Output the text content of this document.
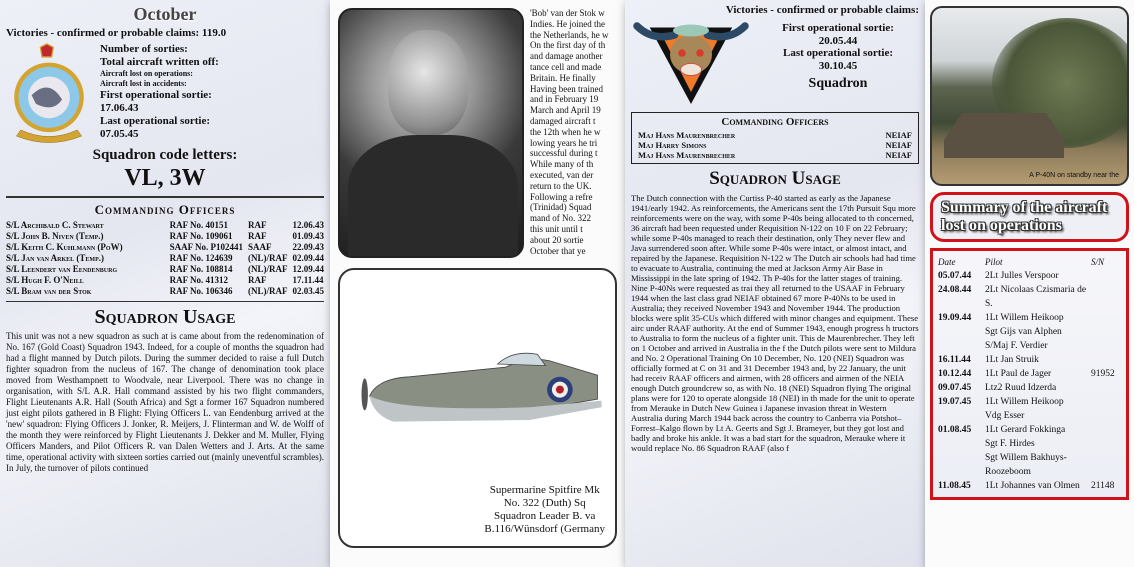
October
Victories - confirmed or probable claims: 119.0
Number of sorties:
Total aircraft written off:
Aircraft lost on operations:
Aircraft lost in accidents:
First operational sortie:
17.06.43
Last operational sortie:
07.05.45
Squadron code letters:
VL, 3W
Commanding Officers
S/L Archibald C. Stewart	RAF No. 40151	RAF	12.06.43
S/L John B. Niven (Temp.)	RAF No. 109061	RAF	01.09.43
S/L Keith C. Kuhlmann (PoW)	SAAF No. P102441 SAAF	22.09.43
S/L Jan van Arkel (Temp.)	RAF No. 124639	(NL)/RAF 02.09.44
S/L Leendert van Eendenburg	RAF No. 108814	(NL)/RAF 12.09.44
S/L Hugh F. O'Neill	RAF No. 41312	RAF	17.11.44
S/L Bram van der Stok	RAF No. 106346	(NL)/RAF 02.03.45
Squadron Usage
This unit was not a new squadron as such at is came about from the redenomination of No. 167 (Gold Coast) Squadron 1943. Indeed, for a couple of months the squadron had had a flight manned by Dutch pilots. During the summer decided to raise a full Dutch fighter squadron from the nucleus of 167. The change of denomination took place moved from Westhampnett to Woodvale, near Liverpool. There was no change in organisation, with S/L A.R. Hall command assisted by his two flight commanders, Flight Lieutenants A.R. Hall (South Africa) and Sgt a former 167 Squadron numbered just eight pilots gathered in B Flight: Flying Officers L. van Eendenburg arrived at the 'new' squadron: Flying Officers J. Jonker, R. Meijers, J. Flinterman and W. de Wolff of the month they were reinforced by Flight Lieutenants J. Dekker and M. Muller, Flying Officers Manders, and Pilot Officers R. van Dalen Wetters and J. Arts. At the same time, operational activity with sixteen sorties carried out (mainly uneventful scrambles). In July, the turnover of pilots continued
'Bob' van der Stok w
Indies. He joined the
the Netherlands, he w
On the first day of th
and damage another
tance cell and made
Britain. He finally
Having been trained
and in February 19
March and April 19
damaged aircraft t
the 12th when he w
lowing years he tri
successful during t
While many of th
executed, van der
return to the UK.
Following a refre
(Trinidad) Squad
mand of No. 322
this unit until t
about 20 sortie
October that ye
Supermarine Spitfire Mk
No. 322 (Duth) Sq
Squadron Leader B. va
B.116/Wünsdorf (Germany
Victories - confirmed or probable claims:
First operational sortie:
20.05.44
Last operational sortie:
30.10.45
Squadron
Commanding Officers
Maj Hans Maurenbrecher	NEIAF
Maj Harry Simons	NEIAF
Maj Hans Maurenbrecher	NEIAF
Squadron Usage
The Dutch connection with the Curtiss P-40 started as early as the Japanese 1941/early 1942. As reinforcements, the Americans sent the 17th Pursuit Squ more reinforcements were on the way, with some P-40s being allocated to th concerned, 36 aircraft had been requested under Requisition N-122 on 10 F on 22 February; while some P-40s managed to reach their destination, only They never flew and Java surrendered soon after. While some P-40s were intact, or almost intact, and repaired by the Japanese. Requisition N-122 w The Dutch air schools had had time to evacuate to Australia, continuing the med at Jackson Army Air Base in Mississippi in the late spring of 1942. Th P-40s for the latter stages of training. Nine P-40Ns were requested as trai they all returned to the USAAF in February 1944 when the last class grad NEIAF obtained 67 more P-40Ns to be used in Australia; they received November 1943 and November 1944. The production blocks were split 35-CUs which differed with minor changes and equipment. These airc under RAAF authority. At the end of Summer 1943, enough progress h tructors to Australia to form the nucleus of a fighter unit. This de Maurenbrecher. They left on 1 October and arrived in Australia in the f the Dutch pilots were sent to Mildura and No. 2 Operational Training On 10 December, No. 120 (NEI) Squadron was officially formed at C on 31 and 31 December 1943 and, by 22 January, the unit had receiv RAAF officers and airmen, with 28 officers and airmen of the NEIA enough Dutch groundcrew so, as with No. 18 (NEI) Squadron flying The original plans were for 120 to operate alongside 18 (NEI) in th made for the unit to operate from Merauke in Dutch New Guinea i Japanese invasion threat in Western Australia during March 1944 back across the country to Canberra via Potshot–Forrest–Kalgo flown by Lt A. Geerts and Sgt J. Brameyer, but they got lost and badly and broke his ankle. It was a bad start for the squadron, Merauke where it would replace No. 86 Squadron RAAF (also f
A P-40N on standby near the
Summary of the aircraft lost on operations
Date	Pilot	S/N
05.07.44	2Lt Julles Verspoor
24.08.44	2Lt Nicolaas Czismaria de S.
19.09.44	1Lt Willem Heikoop
Sgt Gijs van Alphen
S/Maj F. Verdier
16.11.44	1Lt Jan Struik
10.12.44	1Lt Paul de Jager	91952
09.07.45	Ltz2 Ruud Idzerda
19.07.45	1Lt Willem Heikoop
Vdg Esser
01.08.45	1Lt Gerard Fokkinga
Sgt F. Hirdes
Sgt Willem Bakhuys-Roozeboom
11.08.45	1Lt Johannes van Olmen	21148
